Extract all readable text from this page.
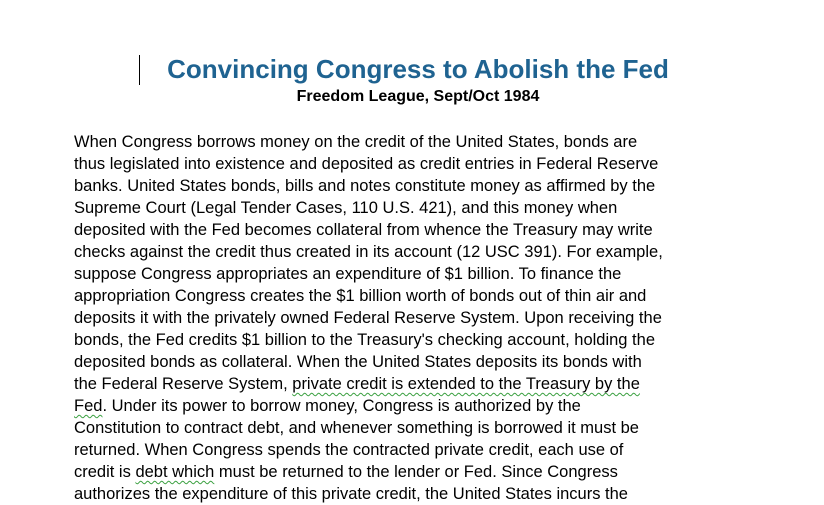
Convincing Congress to Abolish the Fed
Freedom League, Sept/Oct 1984
When Congress borrows money on the credit of the United States, bonds are
thus legislated into existence and deposited as credit entries in Federal Reserve
banks. United States bonds, bills and notes constitute money as affirmed by the
Supreme Court (Legal Tender Cases, 110 U.S. 421), and this money when
deposited with the Fed becomes collateral from whence the Treasury may write
checks against the credit thus created in its account (12 USC 391). For example,
suppose Congress appropriates an expenditure of $1 billion. To finance the
appropriation Congress creates the $1 billion worth of bonds out of thin air and
deposits it with the privately owned Federal Reserve System. Upon receiving the
bonds, the Fed credits $1 billion to the Treasury's checking account, holding the
deposited bonds as collateral. When the United States deposits its bonds with
the Federal Reserve System, private credit is extended to the Treasury by the
Fed. Under its power to borrow money, Congress is authorized by the
Constitution to contract debt, and whenever something is borrowed it must be
returned. When Congress spends the contracted private credit, each use of
credit is debt which must be returned to the lender or Fed. Since Congress
authorizes the expenditure of this private credit, the United States incurs the
